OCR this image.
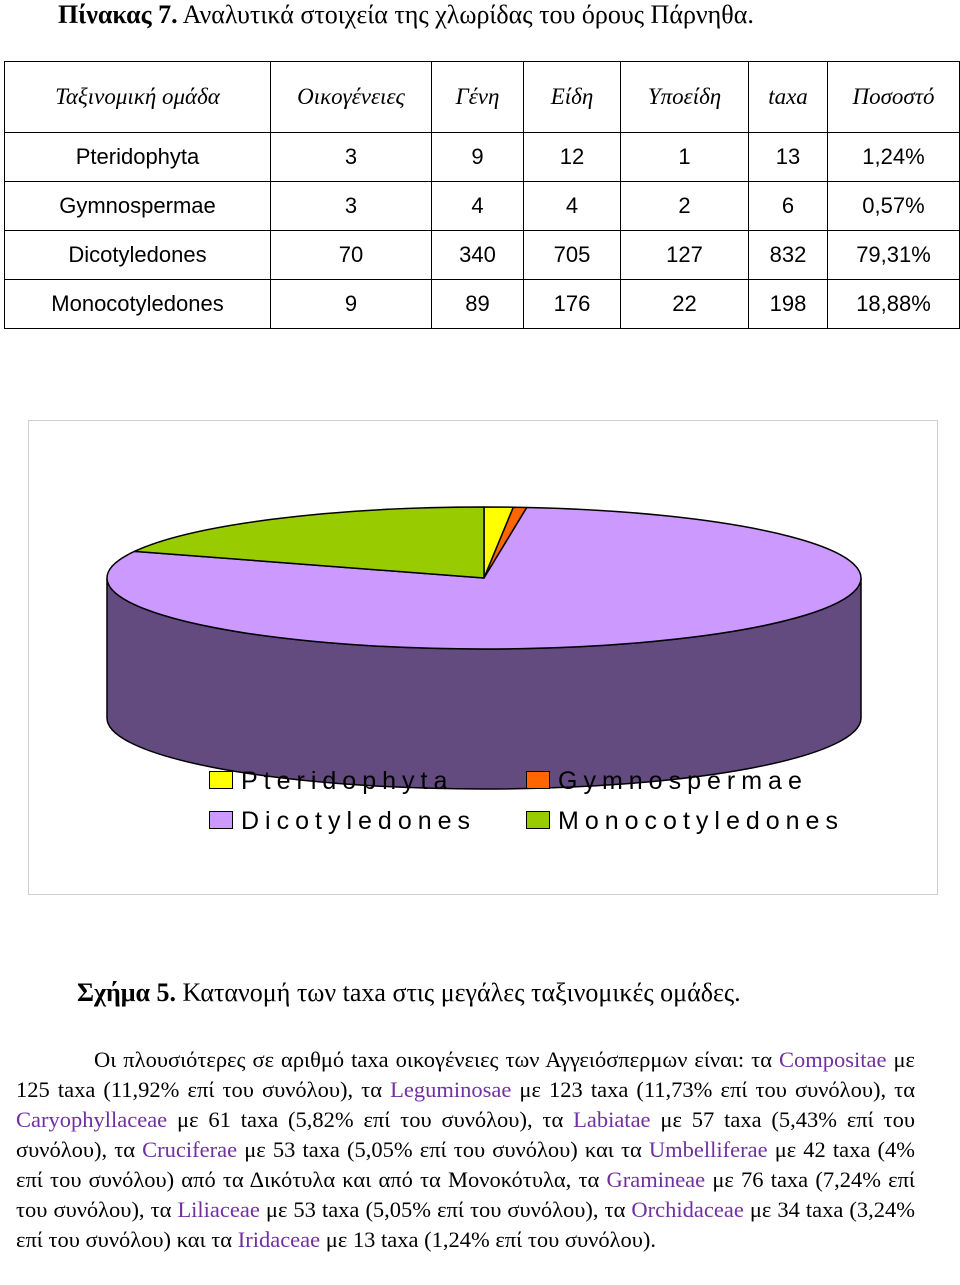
Πίνακας 7. Αναλυτικά στοιχεία της χλωρίδας του όρους Πάρνηθα.
Ταξινομική ομάδα	Οικογένειες	Γένη	Είδη	Υποείδη	taxa	Ποσοστό
Pteridophyta	3	9	12	1	13	1,24%
Gymnospermae	3	4	4	2	6	0,57%
Dicotyledones	70	340	705	127	832	79,31%
Monocotyledones	9	89	176	22	198	18,88%
Pteridophyta	Gymnospermae
Dicotyledones	Monocotyledones
Σχήμα 5. Κατανομή των taxa στις μεγάλες ταξινομικές ομάδες.
Οι πλουσιότερες σε αριθμό taxa οικογένειες των Αγγειόσπερμων είναι: τα Compositae με 125 taxa (11,92% επί του συνόλου), τα Leguminosae με 123 taxa (11,73% επί του συνόλου), τα Caryophyllaceae με 61 taxa (5,82% επί του συνόλου), τα Labiatae με 57 taxa (5,43% επί του συνόλου), τα Cruciferae με 53 taxa (5,05% επί του συνόλου) και τα Umbelliferae με 42 taxa (4% επί του συνόλου) από τα Δικότυλα και από τα Μονοκότυλα, τα Gramineae με 76 taxa (7,24% επί του συνόλου), τα Liliaceae με 53 taxa (5,05% επί του συνόλου), τα Orchidaceae με 34 taxa (3,24% επί του συνόλου) και τα Iridaceae με 13 taxa (1,24% επί του συνόλου).
